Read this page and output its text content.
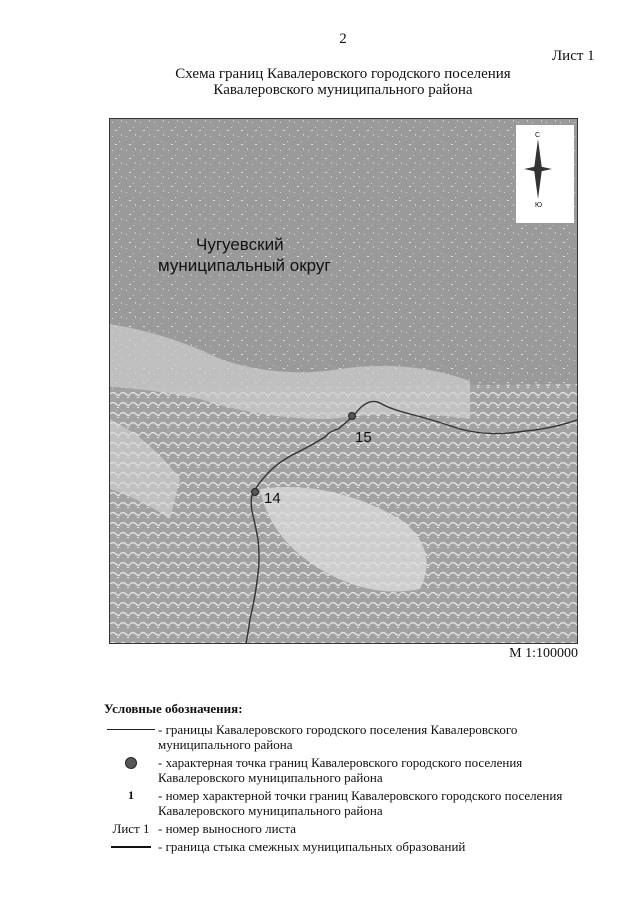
2
Лист 1
Схема границ Кавалеровского городского поселения
Кавалеровского муниципального района
С
Ю
Чугуевский
муниципальный округ
15
14
М 1:100000
Условные обозначения:
- границы Кавалеровского городского поселения Кавалеровского муниципального района
- характерная точка границ Кавалеровского городского поселения Кавалеровского муниципального района
1 - номер характерной точки границ Кавалеровского городского поселения Кавалеровского муниципального района
Лист 1 - номер выносного листа
- граница стыка смежных муниципальных образований
